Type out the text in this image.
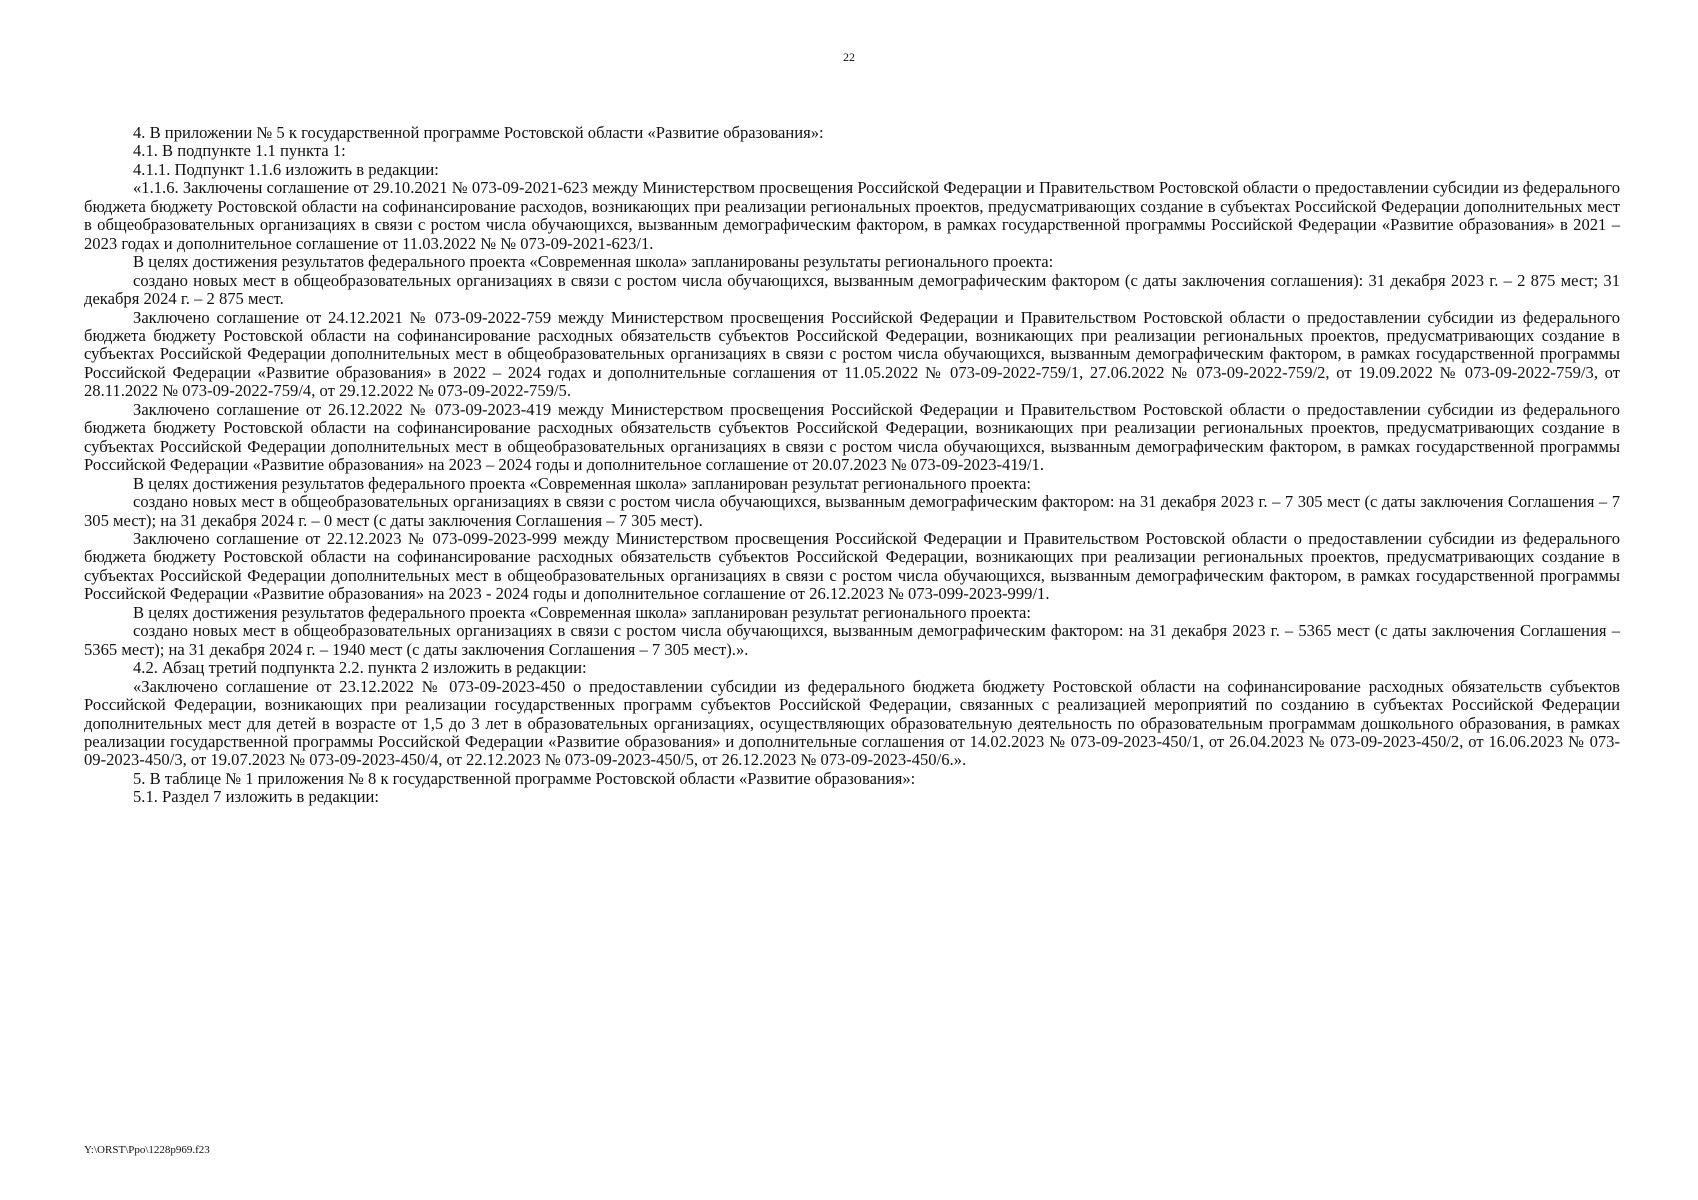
22

4. В приложении № 5 к государственной программе Ростовской области «Развитие образования»:

4.1. В подпункте 1.1 пункта 1:

4.1.1. Подпункт 1.1.6 изложить в редакции:

«1.1.6. Заключены соглашение от 29.10.2021 № 073-09-2021-623 между Министерством просвещения Российской Федерации и Правительством Ростовской области о предоставлении субсидии из федерального бюджета бюджету Ростовской области на софинансирование расходов, возникающих при реализации региональных проектов, предусматривающих создание в субъектах Российской Федерации дополнительных мест в общеобразовательных организациях в связи с ростом числа обучающихся, вызванным демографическим фактором, в рамках государственной программы Российской Федерации «Развитие образования» в 2021 – 2023 годах и дополнительное соглашение от 11.03.2022 № № 073-09-2021-623/1.

В целях достижения результатов федерального проекта «Современная школа» запланированы результаты регионального проекта:

создано новых мест в общеобразовательных организациях в связи с ростом числа обучающихся, вызванным демографическим фактором (с даты заключения соглашения): 31 декабря 2023 г. – 2 875 мест; 31 декабря 2024 г. – 2 875 мест.

Заключено соглашение от 24.12.2021 № 073-09-2022-759 между Министерством просвещения Российской Федерации и Правительством Ростовской области о предоставлении субсидии из федерального бюджета бюджету Ростовской области на софинансирование расходных обязательств субъектов Российской Федерации, возникающих при реализации региональных проектов, предусматривающих создание в субъектах Российской Федерации дополнительных мест в общеобразовательных организациях в связи с ростом числа обучающихся, вызванным демографическим фактором, в рамках государственной программы Российской Федерации «Развитие образования» в 2022 – 2024 годах и дополнительные соглашения от 11.05.2022 № 073-09-2022-759/1, 27.06.2022 № 073-09-2022-759/2, от 19.09.2022 № 073-09-2022-759/3, от 28.11.2022 № 073-09-2022-759/4, от 29.12.2022 № 073-09-2022-759/5.

Заключено соглашение от 26.12.2022 № 073-09-2023-419 между Министерством просвещения Российской Федерации и Правительством Ростовской области о предоставлении субсидии из федерального бюджета бюджету Ростовской области на софинансирование расходных обязательств субъектов Российской Федерации, возникающих при реализации региональных проектов, предусматривающих создание в субъектах Российской Федерации дополнительных мест в общеобразовательных организациях в связи с ростом числа обучающихся, вызванным демографическим фактором, в рамках государственной программы Российской Федерации «Развитие образования» на 2023 – 2024 годы и дополнительное соглашение от 20.07.2023 № 073-09-2023-419/1.

В целях достижения результатов федерального проекта «Современная школа» запланирован результат регионального проекта:

создано новых мест в общеобразовательных организациях в связи с ростом числа обучающихся, вызванным демографическим фактором: на 31 декабря 2023 г. – 7 305 мест (с даты заключения Соглашения – 7 305 мест); на 31 декабря 2024 г. – 0 мест (с даты заключения Соглашения – 7 305 мест).

Заключено соглашение от 22.12.2023 № 073-099-2023-999 между Министерством просвещения Российской Федерации и Правительством Ростовской области о предоставлении субсидии из федерального бюджета бюджету Ростовской области на софинансирование расходных обязательств субъектов Российской Федерации, возникающих при реализации региональных проектов, предусматривающих создание в субъектах Российской Федерации дополнительных мест в общеобразовательных организациях в связи с ростом числа обучающихся, вызванным демографическим фактором, в рамках государственной программы Российской Федерации «Развитие образования» на 2023 - 2024 годы и дополнительное соглашение от 26.12.2023 № 073-099-2023-999/1.

В целях достижения результатов федерального проекта «Современная школа» запланирован результат регионального проекта:

создано новых мест в общеобразовательных организациях в связи с ростом числа обучающихся, вызванным демографическим фактором: на 31 декабря 2023 г. – 5365 мест (с даты заключения Соглашения – 5365 мест); на 31 декабря 2024 г. – 1940 мест (с даты заключения Соглашения – 7 305 мест).».

4.2. Абзац третий подпункта 2.2. пункта 2 изложить в редакции:

«Заключено соглашение от 23.12.2022 № 073-09-2023-450 о предоставлении субсидии из федерального бюджета бюджету Ростовской области на софинансирование расходных обязательств субъектов Российской Федерации, возникающих при реализации государственных программ субъектов Российской Федерации, связанных с реализацией мероприятий по созданию в субъектах Российской Федерации дополнительных мест для детей в возрасте от 1,5 до 3 лет в образовательных организациях, осуществляющих образовательную деятельность по образовательным программам дошкольного образования, в рамках реализации государственной программы Российской Федерации «Развитие образования» и дополнительные соглашения от 14.02.2023 № 073-09-2023-450/1, от 26.04.2023 № 073-09-2023-450/2, от 16.06.2023 № 073-09-2023-450/3, от 19.07.2023 № 073-09-2023-450/4, от 22.12.2023 № 073-09-2023-450/5, от 26.12.2023 № 073-09-2023-450/6.».

5. В таблице № 1 приложения № 8 к государственной программе Ростовской области «Развитие образования»:

5.1. Раздел 7 изложить в редакции:

Y:\ORST\Ppo\1228p969.f23
